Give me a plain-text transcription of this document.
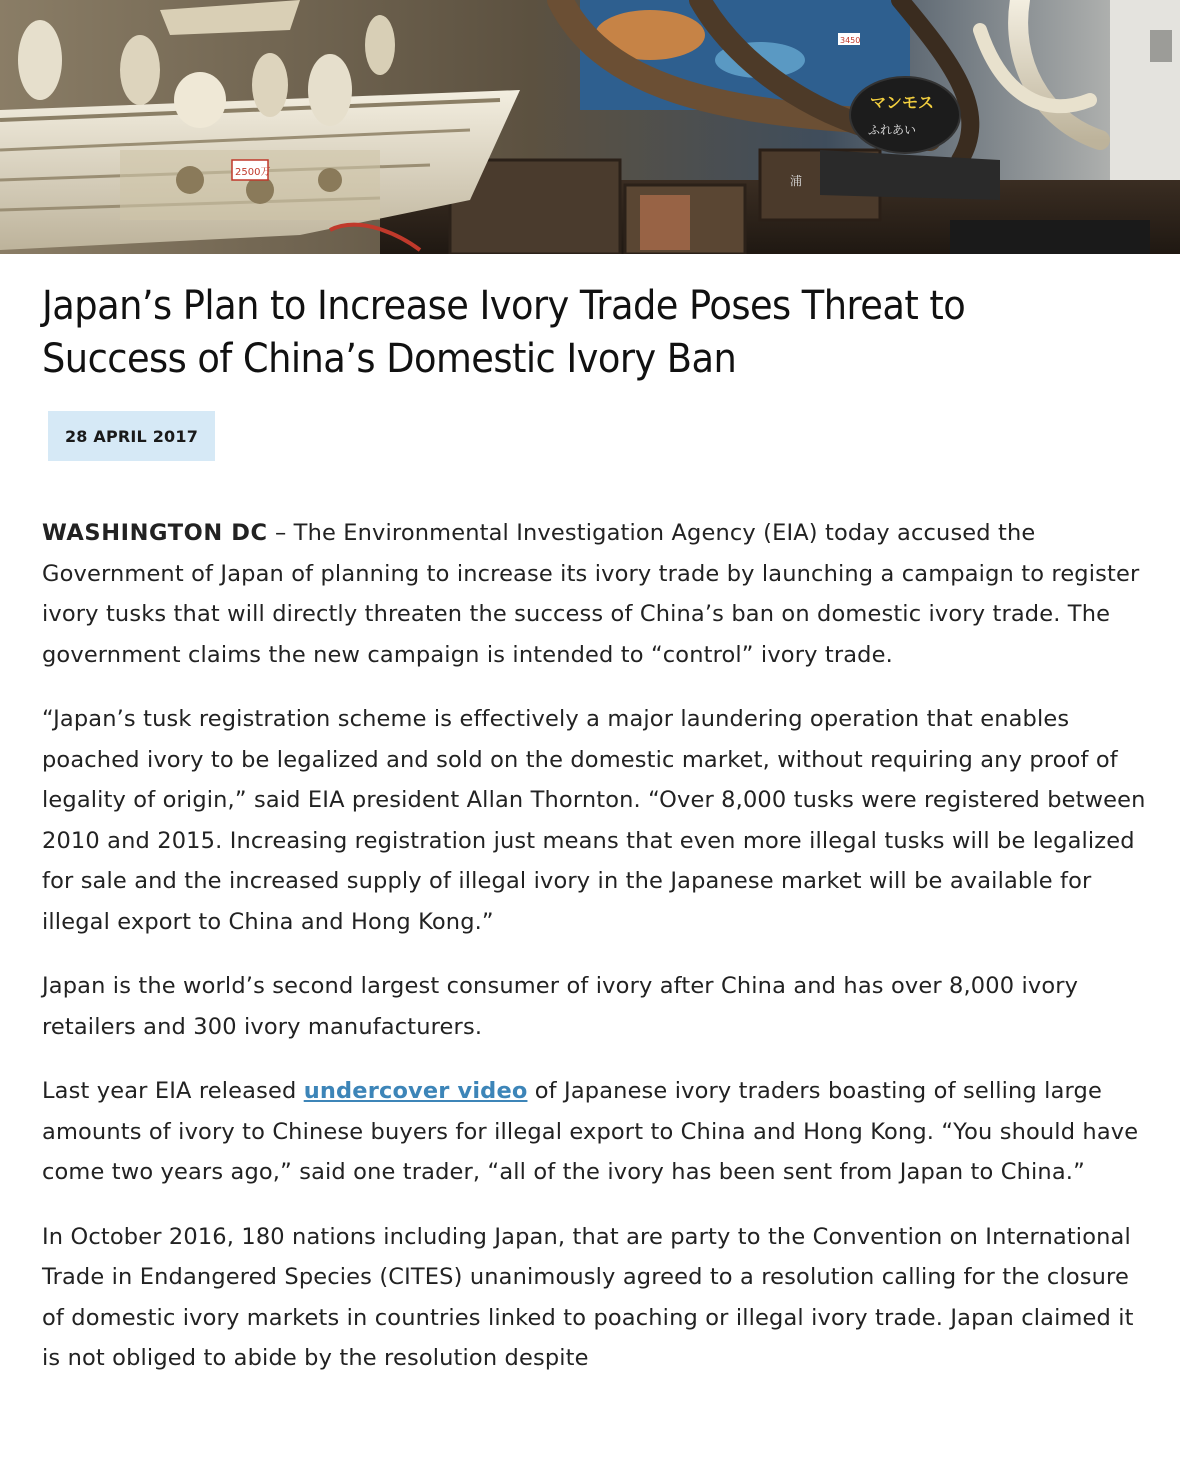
マンモス
ふれあい
2500万
3450
浦
Japan’s Plan to Increase Ivory Trade Poses Threat to Success of China’s Domestic Ivory Ban
28 APRIL 2017

WASHINGTON DC – The Environmental Investigation Agency (EIA) today accused the Government of Japan of planning to increase its ivory trade by launching a campaign to register ivory tusks that will directly threaten the success of China’s ban on domestic ivory trade. The government claims the new campaign is intended to “control” ivory trade.

“Japan’s tusk registration scheme is effectively a major laundering operation that enables poached ivory to be legalized and sold on the domestic market, without requiring any proof of legality of origin,” said EIA president Allan Thornton. “Over 8,000 tusks were registered between 2010 and 2015. Increasing registration just means that even more illegal tusks will be legalized for sale and the increased supply of illegal ivory in the Japanese market will be available for illegal export to China and Hong Kong.”

Japan is the world’s second largest consumer of ivory after China and has over 8,000 ivory retailers and 300 ivory manufacturers.

Last year EIA released undercover video of Japanese ivory traders boasting of selling large amounts of ivory to Chinese buyers for illegal export to China and Hong Kong. “You should have come two years ago,” said one trader, “all of the ivory has been sent from Japan to China.”

In October 2016, 180 nations including Japan, that are party to the Convention on International Trade in Endangered Species (CITES) unanimously agreed to a resolution calling for the closure of domestic ivory markets in countries linked to poaching or illegal ivory trade. Japan claimed it is not obliged to abide by the resolution despite
